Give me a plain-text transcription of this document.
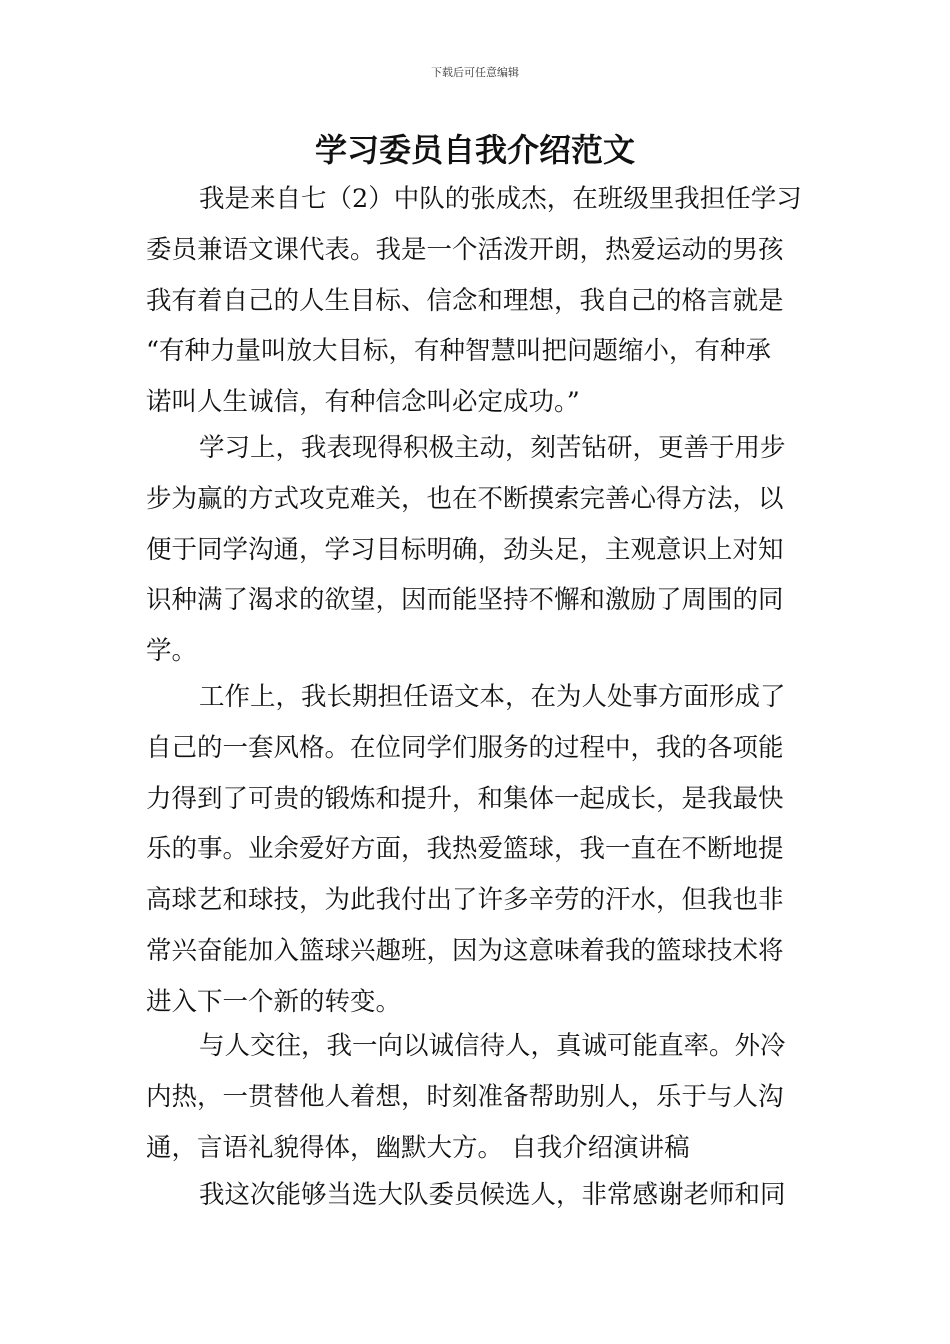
下载后可任意编辑
学习委员自我介绍范文

我是来自七（2）中队的张成杰，在班级里我担任学习
委员兼语文课代表。我是一个活泼开朗，热爱运动的男孩
我有着自己的人生目标、信念和理想，我自己的格言就是
“有种力量叫放大目标，有种智慧叫把问题缩小，有种承
诺叫人生诚信，有种信念叫必定成功。”

学习上，我表现得积极主动，刻苦钻研，更善于用步
步为赢的方式攻克难关，也在不断摸索完善心得方法，以
便于同学沟通，学习目标明确，劲头足，主观意识上对知
识种满了渴求的欲望，因而能坚持不懈和激励了周围的同
学。

工作上，我长期担任语文本，在为人处事方面形成了
自己的一套风格。在位同学们服务的过程中，我的各项能
力得到了可贵的锻炼和提升，和集体一起成长，是我最快
乐的事。业余爱好方面，我热爱篮球，我一直在不断地提
高球艺和球技，为此我付出了许多辛劳的汗水，但我也非
常兴奋能加入篮球兴趣班，因为这意味着我的篮球技术将
进入下一个新的转变。

与人交往，我一向以诚信待人，真诚可能直率。外冷
内热，一贯替他人着想，时刻准备帮助别人，乐于与人沟
通，言语礼貌得体，幽默大方。 自我介绍演讲稿

我这次能够当选大队委员候选人，非常感谢老师和同
